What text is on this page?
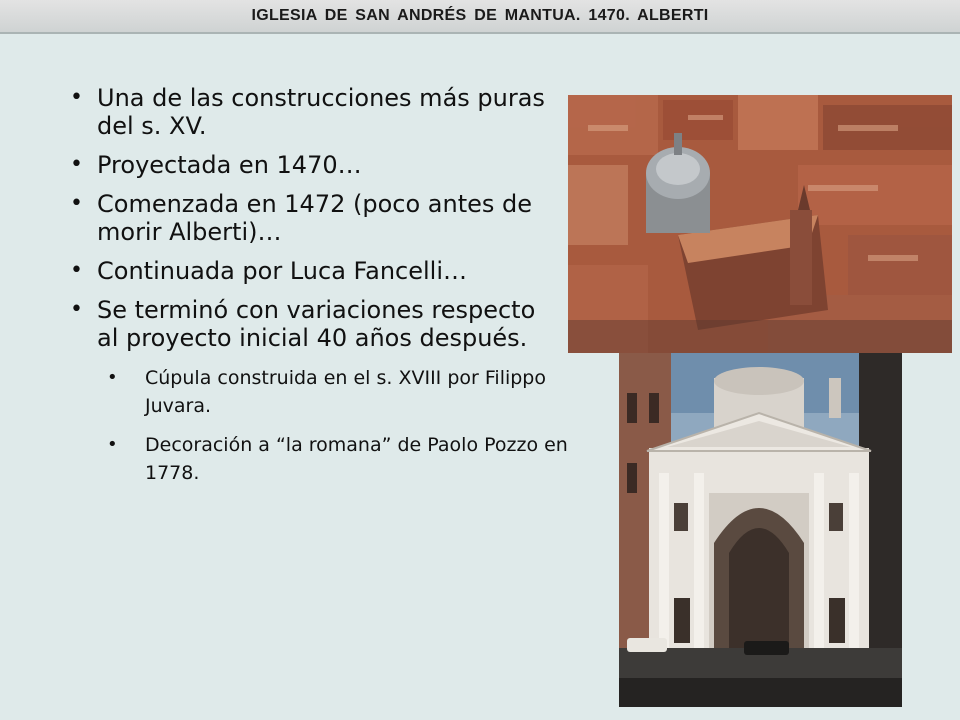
IGLESIA DE SAN ANDRÉS DE MANTUA. 1470. ALBERTI
• Una de las construcciones más puras del s. XV.
• Proyectada en 1470…
• Comenzada en 1472 (poco antes de morir Alberti)…
• Continuada por Luca Fancelli…
• Se terminó con variaciones respecto al proyecto inicial 40 años después.
• Cúpula construida en el s. XVIII por Filippo Juvara.
• Decoración a “la romana” de Paolo Pozzo en 1778.
